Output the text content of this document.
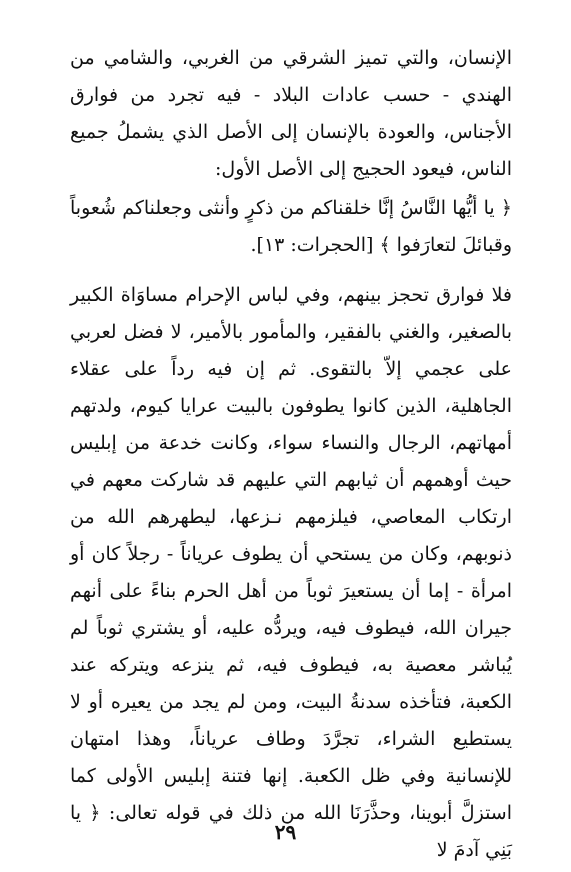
الإنسان، والتي تميز الشرقي من الغربي، والشامي من الهندي - حسب عادات البلاد - فيه تجرد من فوارق الأجناس، والعودة بالإنسان إلى الأصل الذي يشملُ جميع الناس، فيعود الحجيج إلى الأصل الأول:

﴿ يا أيُّها النَّاسُ إنَّا خلقناكم من ذكرٍ وأنثى وجعلناكم شُعوباً وقبائلَ لتعارَفوا ﴾ [الحجرات: ١٣].

فلا فوارق تحجز بينهم، وفي لباس الإحرام مساوَاة الكبير بالصغير، والغني بالفقير، والمأمور بالأمير، لا فضل لعربي على عجمي إلاّ بالتقوى. ثم إن فيه رداً على عقلاء الجاهلية، الذين كانوا يطوفون بالبيت عرايا كيوم، ولدتهم أمهاتهم، الرجال والنساء سواء، وكانت خدعة من إبليس حيث أوهمهم أن ثيابهم التي عليهم قد شاركت معهم في ارتكاب المعاصي، فيلزمهم نـزعها، ليطهرهم الله من ذنوبهم، وكان من يستحي أن يطوف عرياناً - رجلاً كان أو امرأة - إما أن يستعيرَ ثوباً من أهل الحرم بناءً على أنهم جيران الله، فيطوف فيه، ويردُّه عليه، أو يشتري ثوباً لم يُباشر معصية به، فيطوف فيه، ثم ينزعه ويتركه عند الكعبة، فتأخذه سدنةُ البيت، ومن لم يجد من يعيره أو لا يستطيع الشراء، تجرَّدَ وطاف عرياناً، وهذا امتهان للإنسانية وفي ظل الكعبة. إنها فتنة إبليس الأولى كما استزلَّ أبوينا، وحذَّرَنَا الله من ذلك في قوله تعالى: ﴿ يا بَنِي آدمَ لا

٢٩
